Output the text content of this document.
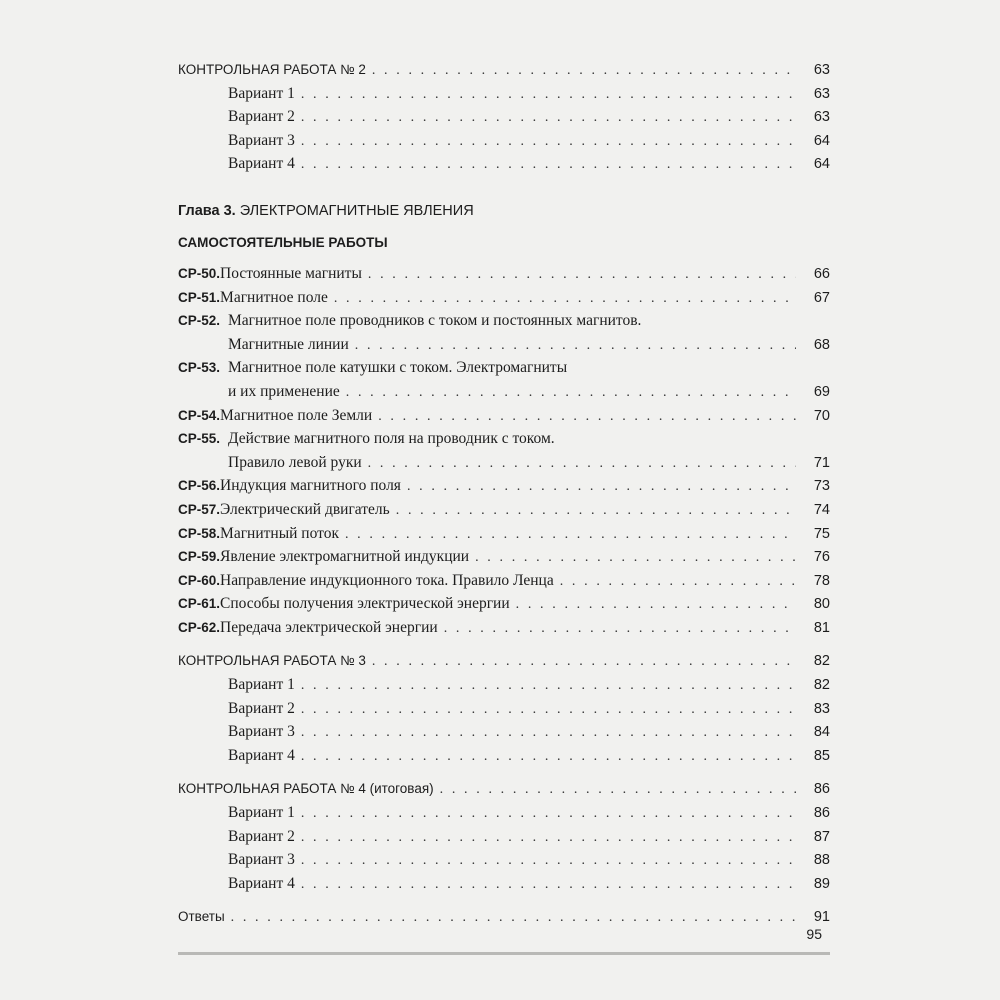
КОНТРОЛЬНАЯ РАБОТА № 2 . . .	63
Вариант 1 . . .	63
Вариант 2 . . .	63
Вариант 3 . . .	64
Вариант 4 . . .	64
Глава 3. ЭЛЕКТРОМАГНИТНЫЕ ЯВЛЕНИЯ
САМОСТОЯТЕЛЬНЫЕ РАБОТЫ
СР-50. Постоянные магниты . . .	66
СР-51. Магнитное поле . . .	67
СР-52. Магнитное поле проводников с током и постоянных магнитов.
Магнитные линии . . .	68
СР-53. Магнитное поле катушки с током. Электромагниты
и их применение . . .	69
СР-54. Магнитное поле Земли . . .	70
СР-55. Действие магнитного поля на проводник с током.
Правило левой руки . . .	71
СР-56. Индукция магнитного поля . . .	73
СР-57. Электрический двигатель . . .	74
СР-58. Магнитный поток . . .	75
СР-59. Явление электромагнитной индукции . . .	76
СР-60. Направление индукционного тока. Правило Ленца . . .	78
СР-61. Способы получения электрической энергии . . .	80
СР-62. Передача электрической энергии . . .	81
КОНТРОЛЬНАЯ РАБОТА № 3 . . .	82
Вариант 1 . . .	82
Вариант 2 . . .	83
Вариант 3 . . .	84
Вариант 4 . . .	85
КОНТРОЛЬНАЯ РАБОТА № 4 (итоговая) . . .	86
Вариант 1 . . .	86
Вариант 2 . . .	87
Вариант 3 . . .	88
Вариант 4 . . .	89
Ответы . . .	91
95
